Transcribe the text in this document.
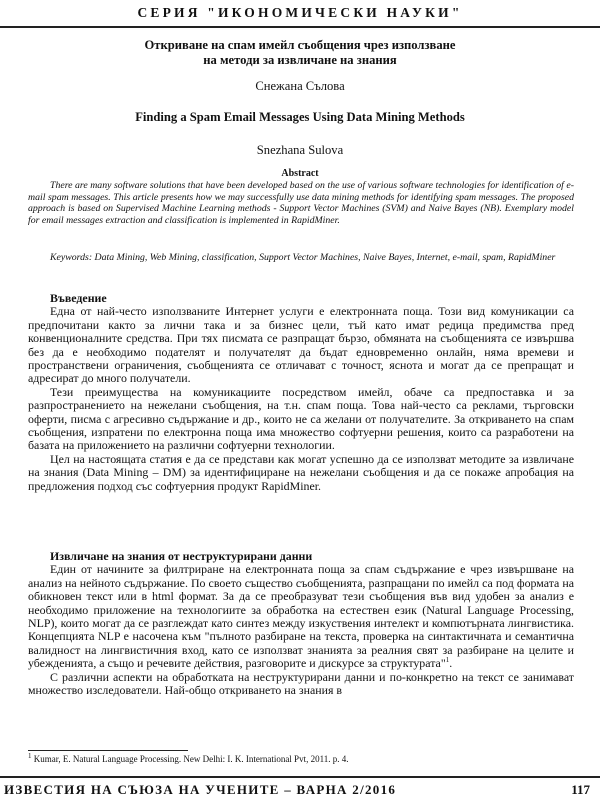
СЕРИЯ "ИКОНОМИЧЕСКИ НАУКИ"
Откриване на спам имейл съобщения чрез използване
на методи за извличане на знания
Снежана Сълова
Finding a Spam Email Messages Using Data Mining Methods
Snezhana Sulova
Abstract
There are many software solutions that have been developed based on the use of various software technologies for identification of e-mail spam messages. This article presents how we may successfully use data mining methods for identifying spam messages. The proposed approach is based on Supervised Machine Learning methods - Support Vector Machines (SVM) and Naive Bayes (NB). Exemplary model for email messages extraction and classification is implemented in RapidMiner.
Keywords: Data Mining, Web Mining, classification, Support Vector Machines, Naive Bayes, Internet, e-mail, spam, RapidMiner
Въведение

Една от най-често използваните Интернет услуги е електронната поща. Този вид комуникации са предпочитани както за лични така и за бизнес цели, тъй като имат редица предимства пред конвенционалните средства. При тях писмата се разпращат бързо, обмяната на съобщенията се извършва без да е необходимо подателят и получателят да бъдат едновременно онлайн, няма времеви и пространствени ограничения, съобщенията се отличават с точност, яснота и могат да се препращат и адресират до много получатели.

Тези преимущества на комуникациите посредством имейл, обаче са предпоставка и за разпространението на нежелани съобщения, на т.н. спам поща. Това най-често са реклами, търговски оферти, писма с агресивно съдържание и др., които не са желани от получателите. За откриването на спам съобщения, изпратени по електронна поща има множество софтуерни решения, които са разработени на базата на приложението на различни софтуерни технологии.

Цел на настоящата статия е да се представи как могат успешно да се използват методите за извличане на знания (Data Mining – DM) за идентифициране на нежелани съобщения и да се покаже апробация на предложения подход със софтуерния продукт RapidMiner.

Извличане на знания от неструктурирани данни

Един от начините за филтриране на електронната поща за спам съдържание е чрез извършване на анализ на нейното съдържание. По своето същество съобщенията, разпращани по имейл са под формата на обикновен текст или в html формат. За да се преобразуват тези съобщения във вид удобен за анализ е необходимо приложение на технологиите за обработка на естествен език (Natural Language Processing, NLP), които могат да се разглеждат като синтез между изкуствения интелект и компютърната лингвистика. Концепцията NLP е насочена към "пълното разбиране на текста, проверка на синтактичната и семантична валидност на лингвистичния вход, като се използват знанията за реалния свят за разбиране на целите и убежденията, а също и речевите действия, разговорите и дискурсе за структурата"$^1$.

С различни аспекти на обработката на неструктурирани данни и по-конкретно на текст се занимават множество изследователи. Най-общо откриването на знания в

$^1$ Kumar, E. Natural Language Processing. New Delhi: I. K. International Pvt, 2011. p. 4.
ИЗВЕСТИЯ НА СЪЮЗА НА УЧЕНИТЕ – ВАРНА 2/2016	117
